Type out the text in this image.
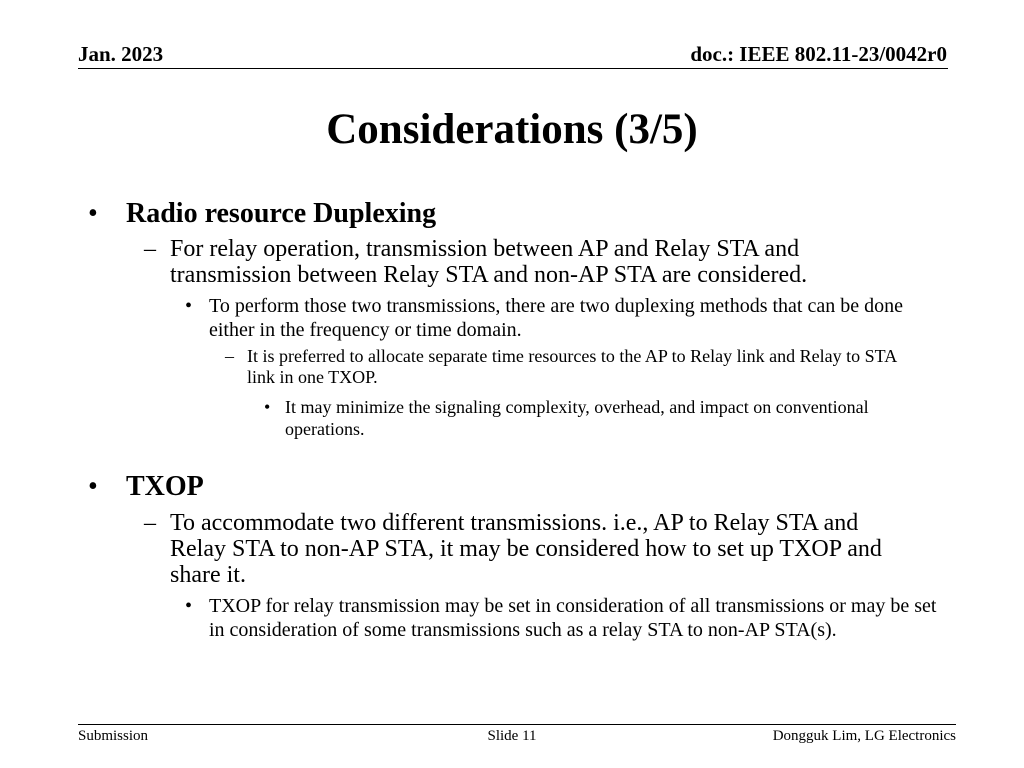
Jan. 2023	doc.: IEEE 802.11-23/0042r0
Considerations (3/5)
• Radio resource Duplexing
– For relay operation, transmission between AP and Relay STA and transmission between Relay STA and non-AP STA are considered.
• To perform those two transmissions, there are two duplexing methods that can be done either in the frequency or time domain.
– It is preferred to allocate separate time resources to the AP to Relay link and Relay to STA link in one TXOP.
• It may minimize the signaling complexity, overhead, and impact on conventional operations.
• TXOP
– To accommodate two different transmissions. i.e., AP to Relay STA and Relay STA to non-AP STA, it may be considered how to set up TXOP and share it.
• TXOP for relay transmission may be set in consideration of all transmissions or may be set in consideration of some transmissions such as a relay STA to non-AP STA(s).
Submission	Slide 11	Dongguk Lim, LG Electronics
